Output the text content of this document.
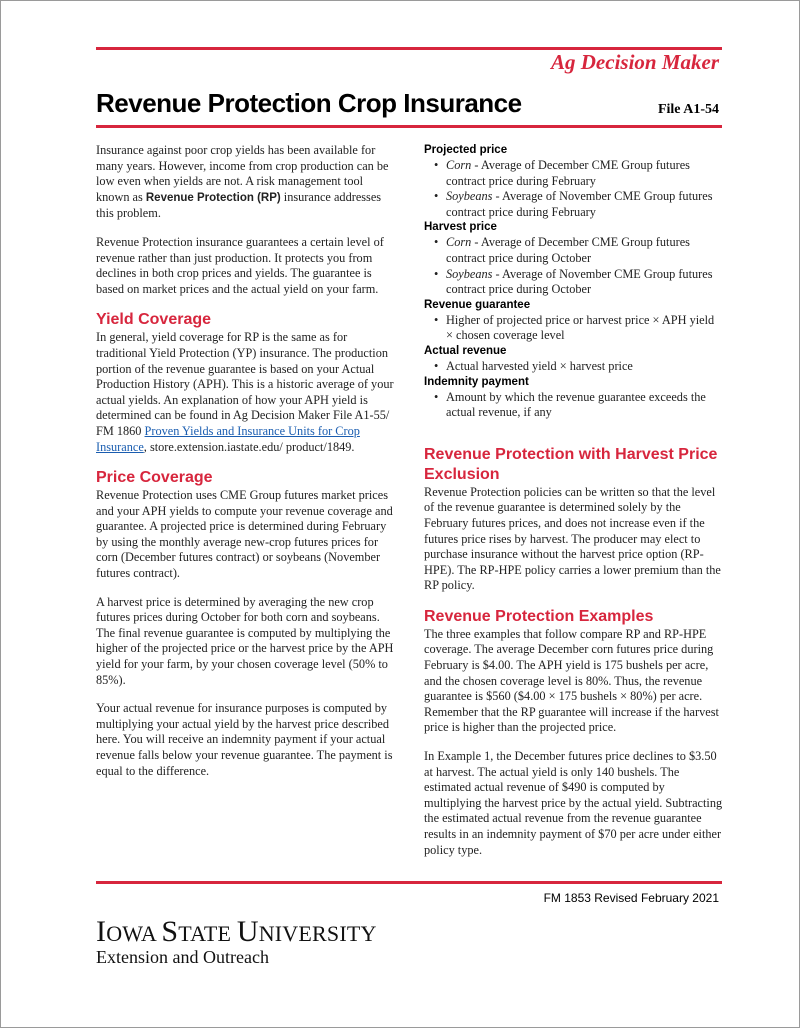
Ag Decision Maker
Revenue Protection Crop Insurance	File A1-54

Insurance against poor crop yields has been available for many years. However, income from crop production can be low even when yields are not. A risk management tool known as Revenue Protection (RP) insurance addresses this problem.

Revenue Protection insurance guarantees a certain level of revenue rather than just production. It protects you from declines in both crop prices and yields. The guarantee is based on market prices and the actual yield on your farm.

Yield Coverage

In general, yield coverage for RP is the same as for traditional Yield Protection (YP) insurance. The production portion of the revenue guarantee is based on your Actual Production History (APH). This is a historic average of your actual yields. An explanation of how your APH yield is determined can be found in Ag Decision Maker File A1-55/ FM 1860 Proven Yields and Insurance Units for Crop Insurance, store.extension.iastate.edu/ product/1849.

Price Coverage

Revenue Protection uses CME Group futures market prices and your APH yields to compute your revenue coverage and guarantee. A projected price is determined during February by using the monthly average new-crop futures prices for corn (December futures contract) or soybeans (November futures contract).

A harvest price is determined by averaging the new crop futures prices during October for both corn and soybeans. The final revenue guarantee is computed by multiplying the higher of the projected price or the harvest price by the APH yield for your farm, by your chosen coverage level (50% to 85%).

Your actual revenue for insurance purposes is computed by multiplying your actual yield by the harvest price described here. You will receive an indemnity payment if your actual revenue falls below your revenue guarantee. The payment is equal to the difference.

Projected price
• Corn - Average of December CME Group futures contract price during February
• Soybeans - Average of November CME Group futures contract price during February
Harvest price
• Corn - Average of December CME Group futures contract price during October
• Soybeans - Average of November CME Group futures contract price during October
Revenue guarantee
• Higher of projected price or harvest price × APH yield × chosen coverage level
Actual revenue
• Actual harvested yield × harvest price
Indemnity payment
• Amount by which the revenue guarantee exceeds the actual revenue, if any
Revenue Protection with Harvest Price Exclusion

Revenue Protection policies can be written so that the level of the revenue guarantee is determined solely by the February futures prices, and does not increase even if the futures price rises by harvest. The producer may elect to purchase insurance without the harvest price option (RP-HPE). The RP-HPE policy carries a lower premium than the RP policy.

Revenue Protection Examples

The three examples that follow compare RP and RP-HPE coverage. The average December corn futures price during February is $4.00. The APH yield is 175 bushels per acre, and the chosen coverage level is 80%. Thus, the revenue guarantee is $560 ($4.00 × 175 bushels × 80%) per acre. Remember that the RP guarantee will increase if the harvest price is higher than the projected price.

In Example 1, the December futures price declines to $3.50 at harvest. The actual yield is only 140 bushels. The estimated actual revenue of $490 is computed by multiplying the harvest price by the actual yield. Subtracting the estimated actual revenue from the revenue guarantee results in an indemnity payment of $70 per acre under either policy type.

FM 1853 Revised February 2021
IOWA STATE UNIVERSITY
Extension and Outreach
